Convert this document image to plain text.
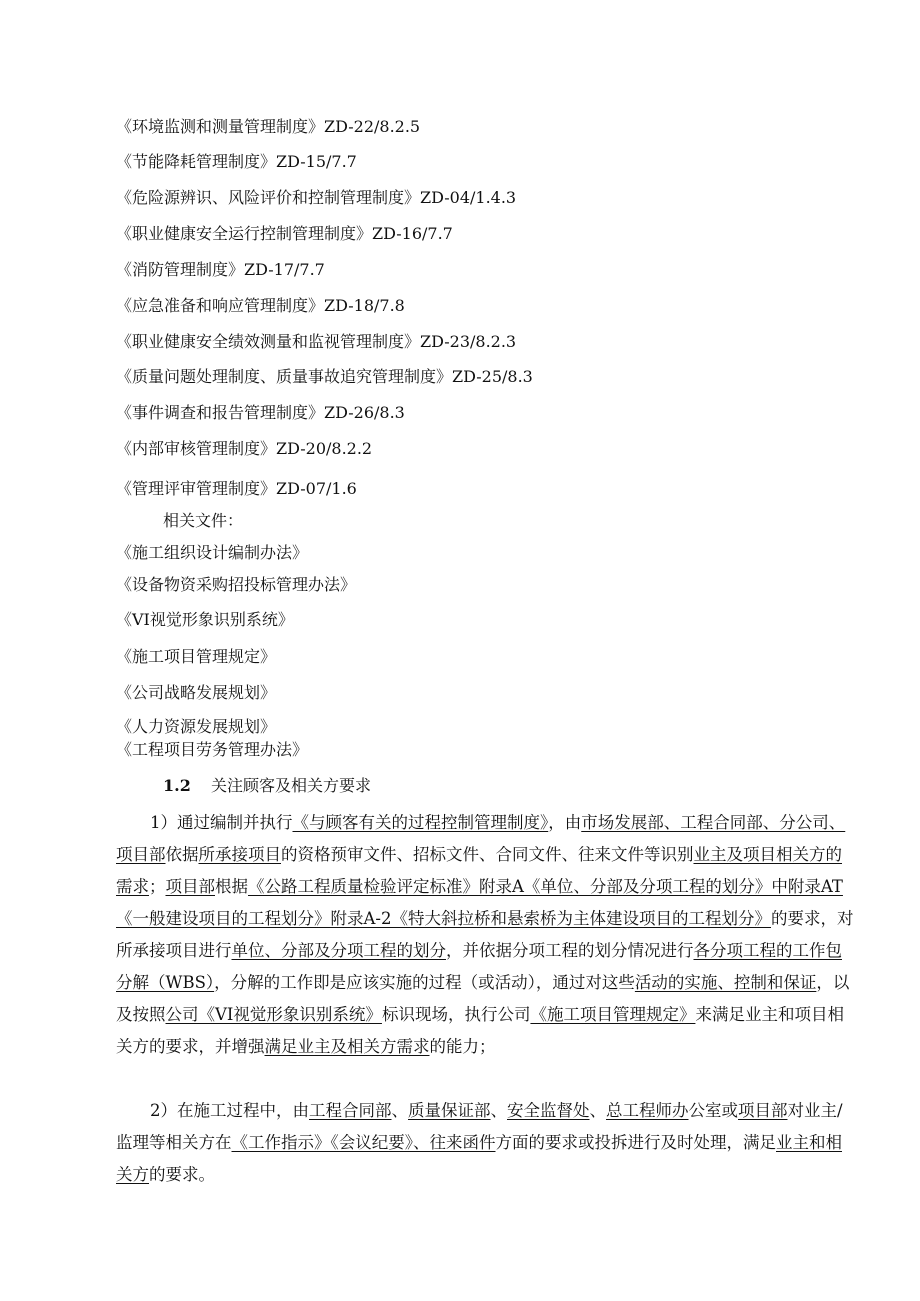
《环境监测和测量管理制度》ZD-22/8.2.5
《节能降耗管理制度》ZD-15/7.7
《危险源辨识、风险评价和控制管理制度》ZD-04/1.4.3
《职业健康安全运行控制管理制度》ZD-16/7.7
《消防管理制度》ZD-17/7.7
《应急准备和响应管理制度》ZD-18/7.8
《职业健康安全绩效测量和监视管理制度》ZD-23/8.2.3
《质量问题处理制度、质量事故追究管理制度》ZD-25/8.3
《事件调查和报告管理制度》ZD-26/8.3
《内部审核管理制度》ZD-20/8.2.2
《管理评审管理制度》ZD-07/1.6
相关文件：
《施工组织设计编制办法》
《设备物资采购招投标管理办法》
《VI视觉形象识别系统》
《施工项目管理规定》
《公司战略发展规划》
《人力资源发展规划》
《工程项目劳务管理办法》
1.2 关注顾客及相关方要求
1）通过编制并执行《与顾客有关的过程控制管理制度》，由市场发展部、工程合同部、分公司、项目部依据所承接项目的资格预审文件、招标文件、合同文件、往来文件等识别业主及项目相关方的需求；项目部根据《公路工程质量检验评定标准》附录A《单位、分部及分项工程的划分》中附录AT《一般建设项目的工程划分》附录A-2《特大斜拉桥和悬索桥为主体建设项目的工程划分》的要求，对所承接项目进行单位、分部及分项工程的划分，并依据分项工程的划分情况进行各分项工程的工作包分解（WBS），分解的工作即是应该实施的过程（或活动），通过对这些活动的实施、控制和保证，以及按照公司《VI视觉形象识别系统》标识现场，执行公司《施工项目管理规定》来满足业主和项目相关方的要求，并增强满足业主及相关方需求的能力；
2）在施工过程中，由工程合同部、质量保证部、安全监督处、总工程师办公室或项目部对业主/监理等相关方在《工作指示》《会议纪要》、往来函件方面的要求或投拆进行及时处理，满足业主和相关方的要求。
